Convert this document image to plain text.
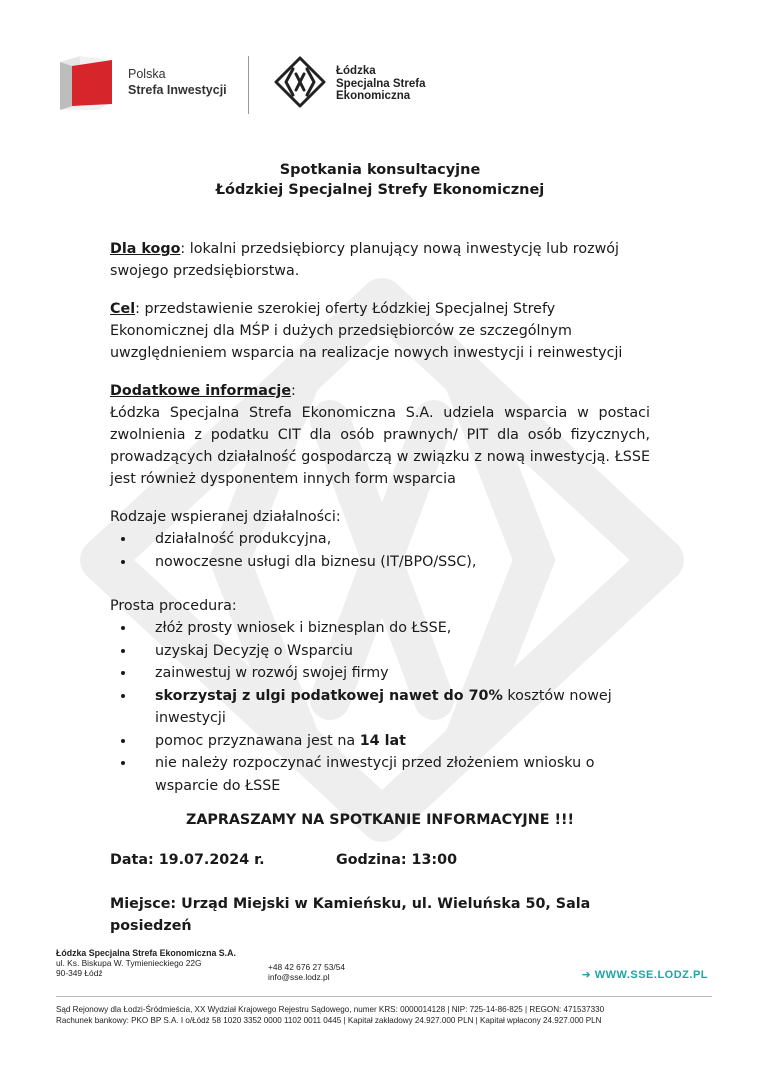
Polska
Strefa Inwestycji
Łódzka
Specjalna Strefa
Ekonomiczna
Spotkania konsultacyjne
Łódzkiej Specjalnej Strefy Ekonomicznej

Dla kogo: lokalni przedsiębiorcy planujący nową inwestycję lub rozwój swojego przedsiębiorstwa.

Cel: przedstawienie szerokiej oferty Łódzkiej Specjalnej Strefy Ekonomicznej dla MŚP i dużych przedsiębiorców ze szczególnym uwzględnieniem wsparcia na realizacje nowych inwestycji i reinwestycji

Dodatkowe informacje:

Łódzka Specjalna Strefa Ekonomiczna S.A. udziela wsparcia w postaci zwolnienia z podatku CIT dla osób prawnych/ PIT dla osób fizycznych, prowadzących działalność gospodarczą w związku z nową inwestycją. ŁSSE jest również dysponentem innych form wsparcia

Rodzaje wspieranej działalności:

• działalność produkcyjna,
• nowoczesne usługi dla biznesu (IT/BPO/SSC),

Prosta procedura:

• złóż prosty wniosek i biznesplan do ŁSSE,
• uzyskaj Decyzję o Wsparciu
• zainwestuj w rozwój swojej firmy
• skorzystaj z ulgi podatkowej nawet do 70% kosztów nowej inwestycji
• pomoc przyznawana jest na 14 lat
• nie należy rozpoczynać inwestycji przed złożeniem wniosku o wsparcie do ŁSSE

ZAPRASZAMY NA SPOTKANIE INFORMACYJNE !!!

Data: 19.07.2024 r.	Godzina: 13:00

Miejsce: Urząd Miejski w Kamieńsku, ul. Wieluńska 50, Sala posiedzeń

Łódzka Specjalna Strefa Ekonomiczna S.A.
ul. Ks. Biskupa W. Tymienieckiego 22G
90-349 Łódź
+48 42 676 27 53/54
info@sse.lodz.pl	➜ WWW.SSE.LODZ.PL
Sąd Rejonowy dla Łodzi-Śródmieścia, XX Wydział Krajowego Rejestru Sądowego, numer KRS: 0000014128 | NIP: 725-14-86-825 | REGON: 471537330
Rachunek bankowy: PKO BP S.A. I o/Łódź 58 1020 3352 0000 1102 0011 0445 | Kapitał zakładowy 24.927.000 PLN | Kapitał wpłacony 24.927.000 PLN
